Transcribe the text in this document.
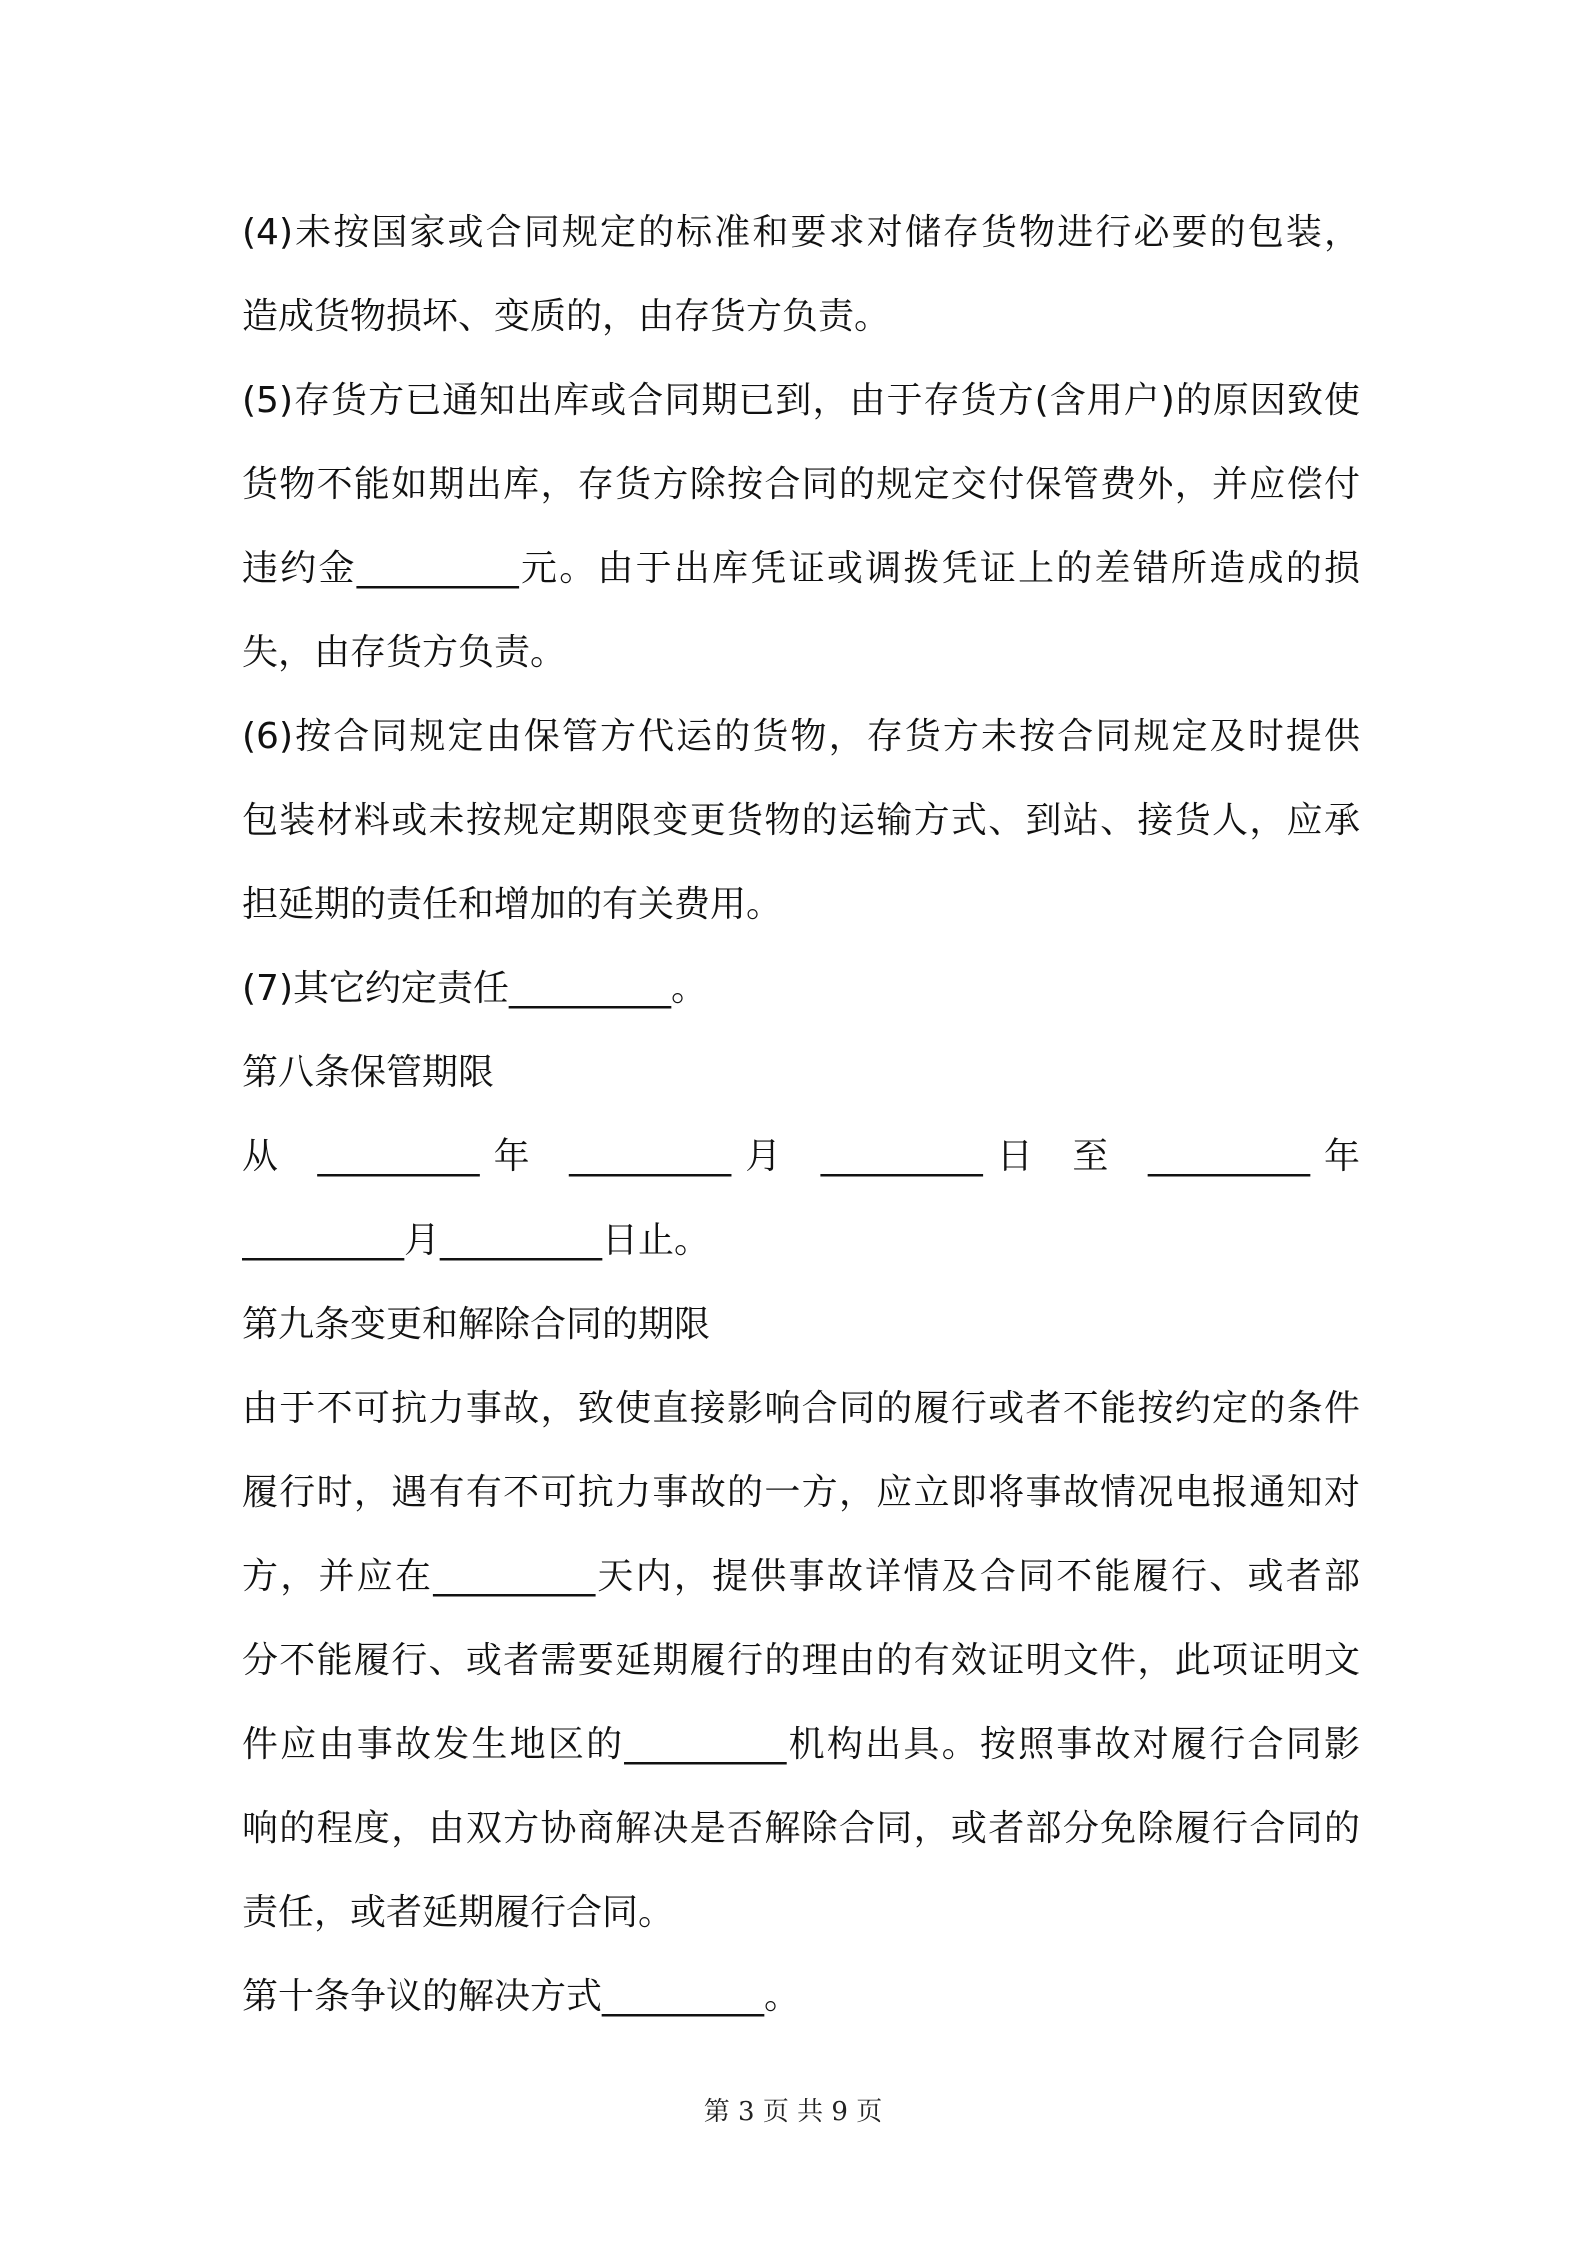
(4)未按国家或合同规定的标准和要求对储存货物进行必要的包装，
造成货物损坏、变质的，由存货方负责。
(5)存货方已通知出库或合同期已到，由于存货方(含用户)的原因致使
货物不能如期出库，存货方除按合同的规定交付保管费外，并应偿付
违约金_________元。由于出库凭证或调拨凭证上的差错所造成的损
失，由存货方负责。
(6)按合同规定由保管方代运的货物，存货方未按合同规定及时提供
包装材料或未按规定期限变更货物的运输方式、到站、接货人，应承
担延期的责任和增加的有关费用。
(7)其它约定责任_________。
第八条保管期限
从 _________年 _________月 _________日 至 _________年
_________月_________日止。
第九条变更和解除合同的期限
由于不可抗力事故，致使直接影响合同的履行或者不能按约定的条件
履行时，遇有有不可抗力事故的一方，应立即将事故情况电报通知对
方，并应在_________天内，提供事故详情及合同不能履行、或者部
分不能履行、或者需要延期履行的理由的有效证明文件，此项证明文
件应由事故发生地区的_________机构出具。按照事故对履行合同影
响的程度，由双方协商解决是否解除合同，或者部分免除履行合同的
责任，或者延期履行合同。
第十条争议的解决方式_________。
第 3 页 共 9 页
